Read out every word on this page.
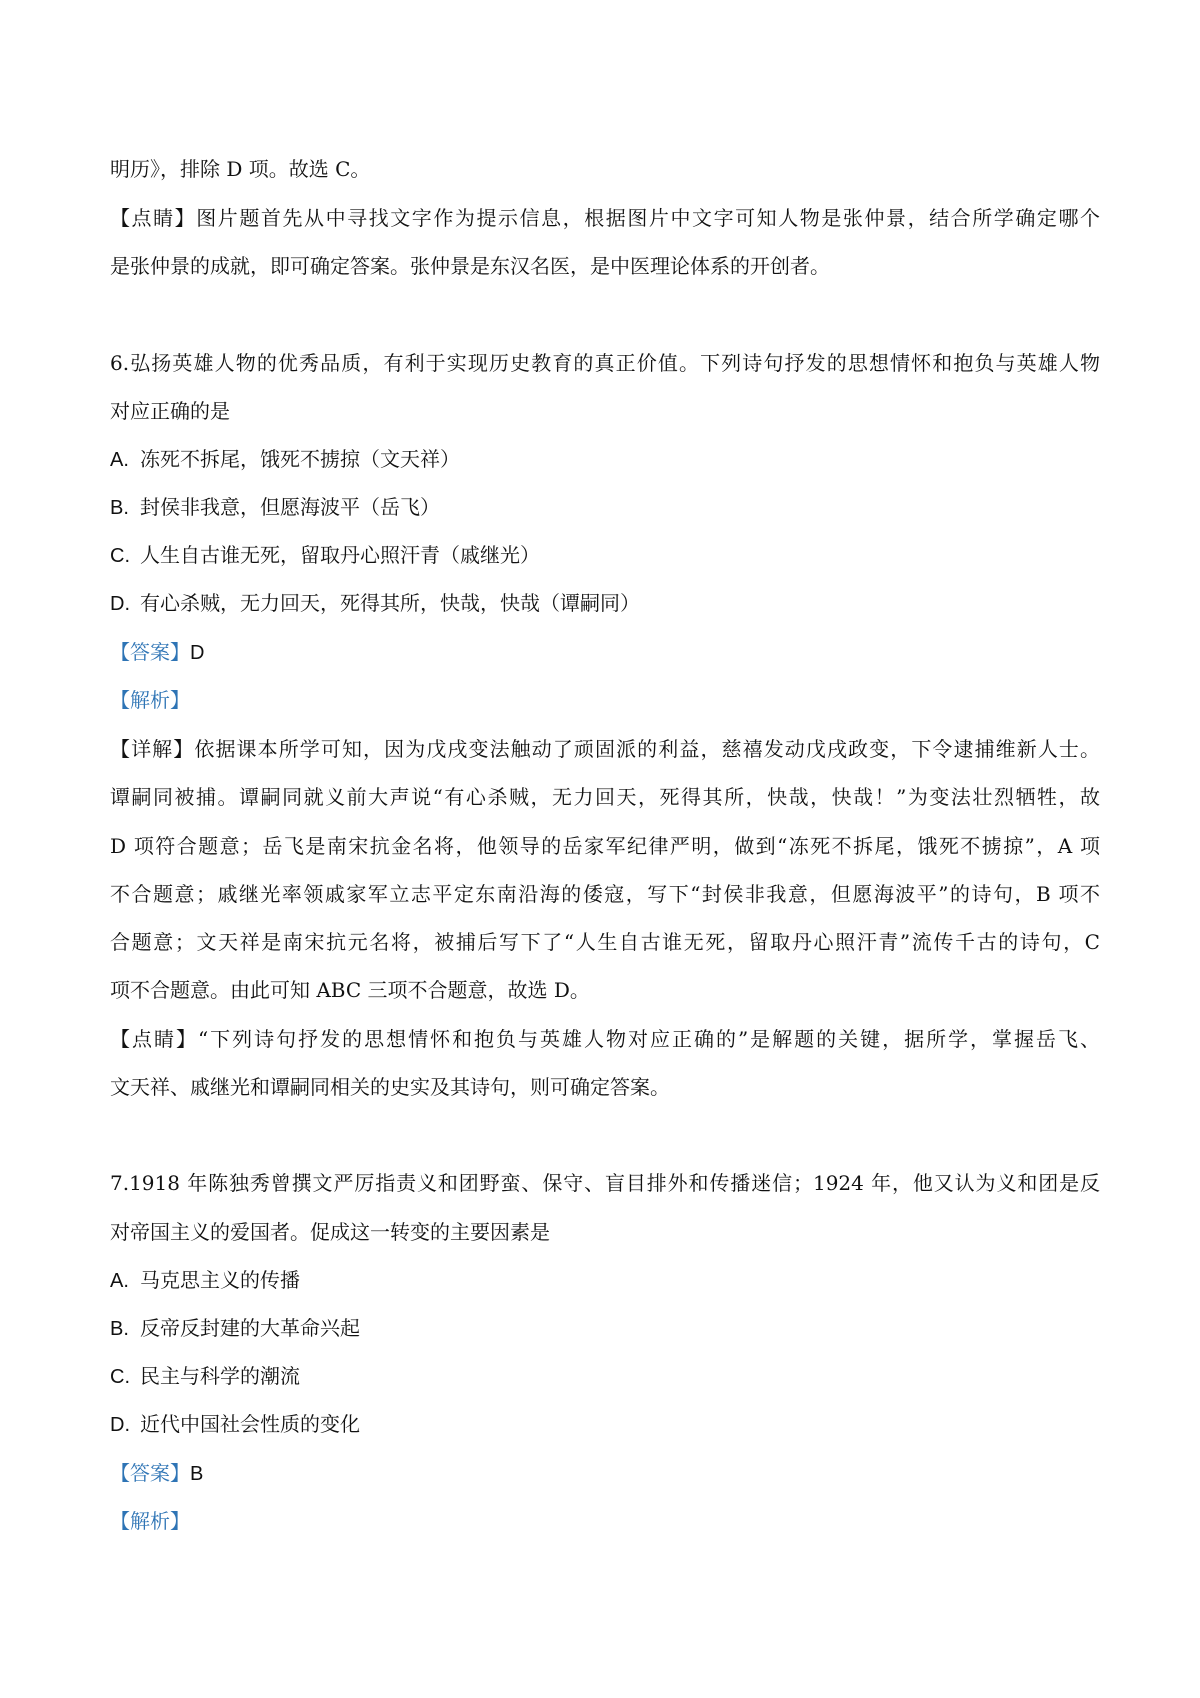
明历》，排除 D 项。故选 C。
【点睛】图片题首先从中寻找文字作为提示信息，根据图片中文字可知人物是张仲景，结合所学确定哪个
是张仲景的成就，即可确定答案。张仲景是东汉名医，是中医理论体系的开创者。
6.弘扬英雄人物的优秀品质，有利于实现历史教育的真正价值。下列诗句抒发的思想情怀和抱负与英雄人物
对应正确的是
A. 冻死不拆尾，饿死不掳掠（文天祥）
B. 封侯非我意，但愿海波平（岳飞）
C. 人生自古谁无死，留取丹心照汗青（戚继光）
D. 有心杀贼，无力回天，死得其所，快哉，快哉（谭嗣同）
【答案】D
【解析】
【详解】依据课本所学可知，因为戊戌变法触动了顽固派的利益，慈禧发动戊戌政变，下令逮捕维新人士。
谭嗣同被捕。谭嗣同就义前大声说“有心杀贼，无力回天，死得其所，快哉，快哉！”为变法壮烈牺牲，故
D 项符合题意；岳飞是南宋抗金名将，他领导的岳家军纪律严明，做到“冻死不拆尾，饿死不掳掠”，A 项
不合题意；戚继光率领戚家军立志平定东南沿海的倭寇，写下“封侯非我意，但愿海波平”的诗句，B 项不
合题意；文天祥是南宋抗元名将，被捕后写下了“人生自古谁无死，留取丹心照汗青”流传千古的诗句，C
项不合题意。由此可知 ABC 三项不合题意，故选 D。
【点睛】“下列诗句抒发的思想情怀和抱负与英雄人物对应正确的”是解题的关键，据所学，掌握岳飞、
文天祥、戚继光和谭嗣同相关的史实及其诗句，则可确定答案。
7.1918 年陈独秀曾撰文严厉指责义和团野蛮、保守、盲目排外和传播迷信；1924 年，他又认为义和团是反
对帝国主义的爱国者。促成这一转变的主要因素是
A. 马克思主义的传播
B. 反帝反封建的大革命兴起
C. 民主与科学的潮流
D. 近代中国社会性质的变化
【答案】B
【解析】
